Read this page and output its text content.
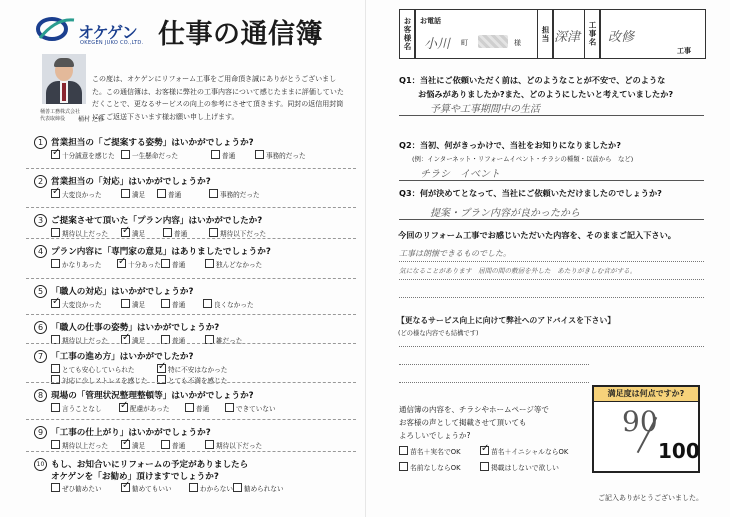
オケゲン
OKEGEN JUKO CO.,LTD. 仕事の通信簿
桶善工務株式会社
代表取締役 桶村 之雅
この度は、オケゲンにリフォーム工事をご用命頂き誠にありがとうございました。この通信簿は、お客様に弊社の工事内容について感じたままに評価していただくことで、更なるサービスの向上の参考にさせて頂きます。同封の返信用封筒にてご返送下さいます様お願い申し上げます。
1 営業担当の「ご提案する姿勢」はいかがでしょうか?
✓十分誠意を感じた	一生懸命だった	普通	事務的だった
2 営業担当の「対応」はいかがでしょうか?
✓大変良かった	満足	普通	事務的だった
3 ご提案させて頂いた「プラン内容」はいかがでしたか?
期待以上だった ✓	満足	普通	期待以下だった
4 プラン内容に「専門家の意見」はありましたでしょうか?
かなりあった ✓	十分あった	普通	独んどなかった
5 「職人の対応」はいかがでしょうか?
✓大変良かった	満足	普通	良くなかった
6 「職人の仕事の姿勢」はいかがでしょうか?
期待以上だった ✓	満足	普通	雑だった
7 「工事の進め方」はいかがでしたか?
とても安心していられた ✓	特に不安はなかった
対応に少しストレスを感じた	とても不満を感じた
8 現場の「管理状況整理整頓等」はいかがでしょうか?
言うことなし ✓	配慮があった	普通	できていない
9 「工事の仕上がり」はいかがでしょうか?
期待以上だった ✓	満足	普通	期待以下だった
10 もし、お知合いにリフォームの予定がありましたら
オケゲンを「お勧め」頂けますでしょうか?
ぜひ勧めたい ✓	勧めてもいい	わからない	勧められない
お客様名	お電話
小川 町	様
担当 深津	工事名 改修
工事
Q1：当社にご依頼いただく前は、どのようなことが不安で、どのような
お悩みがありましたか?また、どのようにしたいと考えていましたか?
予算や工事期間中の生活
Q2：当初、何がきっかけで、当社をお知りになりましたか?
(例：インターネット・リフォームイベント・チラシの種類・以前から　など)
チラシ　イベント
Q3：何が決めてとなって、当社にご依頼いただけましたのでしょうか?
提案・プラン内容が良かったから
今回のリフォーム工事でお感じいただいた内容を、そのままご記入下さい。
工事は朗懐できるものでした。
気になることがあります　居間の間の敷居を外した　あたりがきしむ音がする。
【更なるサービス向上に向けて弊社へのアドバイスを下さい】
(どの様な内容でも結構です)
通信簿の内容を、チラシやホームページ等で
お客様の声として掲載させて頂いても
よろしいでしょうか?
苗名＋実名でOK ✓	苗名＋イニシャルならOK
名前なしならOK	掲載はしないで欲しい
満足度は何点ですか?
90
100
ご記入ありがとうございました。
